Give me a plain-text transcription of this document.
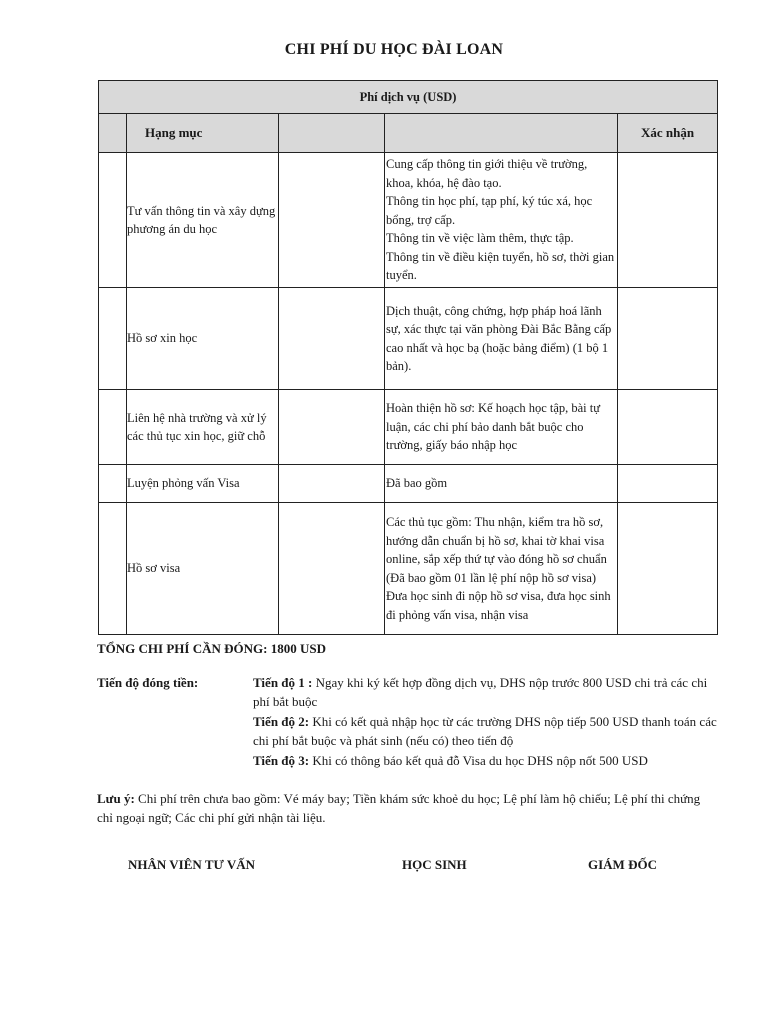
CHI PHÍ DU HỌC ĐÀI LOAN
Phí dịch vụ (USD)				
	Hạng mục			Xác nhận
	Tư vấn thông tin và xây dựng phương án du học		Cung cấp thông tin giới thiệu về trường, khoa, khóa, hệ đào tạo.
Thông tin học phí, tạp phí, ký túc xá, học bổng, trợ cấp.
Thông tin về việc làm thêm, thực tập.
Thông tin về điều kiện tuyển, hồ sơ, thời gian tuyển.	

	Hồ sơ xin học		Dịch thuật, công chứng, hợp pháp hoá lãnh sự, xác thực tại văn phòng Đài Bắc Bằng cấp cao nhất và học bạ (hoặc bảng điểm) (1 bộ 1 bản).	

	Liên hệ nhà trường và xử lý các thủ tục xin học, giữ chỗ		Hoàn thiện hồ sơ: Kế hoạch học tập, bài tự luận, các chi phí bảo danh bắt buộc cho trường, giấy báo nhập học	

	Luyện phỏng vấn Visa		Đã bao gồm	

	Hồ sơ visa		Các thủ tục gồm: Thu nhận, kiểm tra hồ sơ, hướng dẫn chuẩn bị hồ sơ, khai tờ khai visa online, sắp xếp thứ tự vào đóng hồ sơ chuẩn (Đã bao gồm 01 lần lệ phí nộp hồ sơ visa)
Đưa học sinh đi nộp hồ sơ visa, đưa học sinh đi phỏng vấn visa, nhận visa	

TỔNG CHI PHÍ CẦN ĐÓNG: 1800 USD
Tiến độ đóng tiền:	Tiến độ 1 : Ngay khi ký kết hợp đồng dịch vụ, DHS nộp trước 800 USD chi trả các chi phí bắt buộc
Tiến độ 2: Khi có kết quả nhập học từ các trường DHS nộp tiếp 500 USD thanh toán các chi phí bắt buộc và phát sinh (nếu có) theo tiến độ
Tiến độ 3: Khi có thông báo kết quả đỗ Visa du học DHS nộp nốt 500 USD
Lưu ý: Chi phí trên chưa bao gồm: Vé máy bay; Tiền khám sức khoẻ du học; Lệ phí làm hộ chiếu; Lệ phí thi chứng chỉ ngoại ngữ; Các chi phí gửi nhận tài liệu.
NHÂN VIÊN TƯ VẤN	HỌC SINH	GIÁM ĐỐC
